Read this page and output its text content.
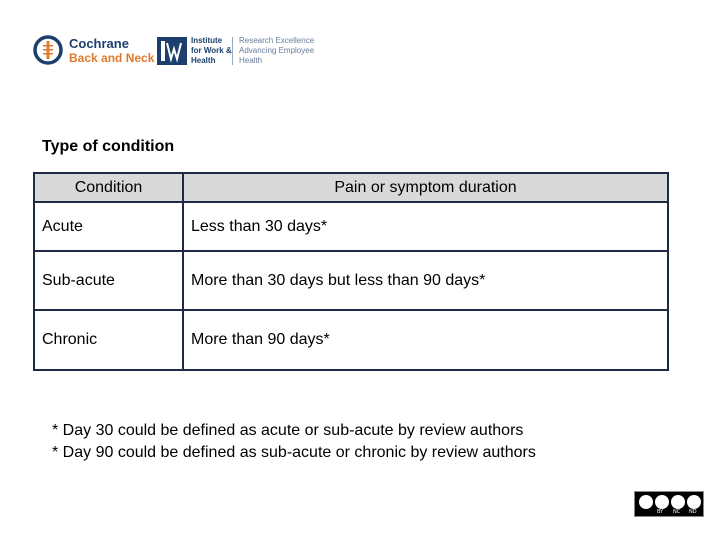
Cochrane
Back and Neck
Institute
for Work &
Health
Research Excellence
Advancing Employee
Health
Type of condition
Condition	Pain or symptom duration
Acute	Less than 30 days*
Sub-acute	More than 30 days but less than 90 days*
Chronic	More than 90 days*
* Day 30 could be defined as acute or sub-acute by review authors
* Day 90 could be defined as sub-acute or chronic by review authors
BY NC ND
